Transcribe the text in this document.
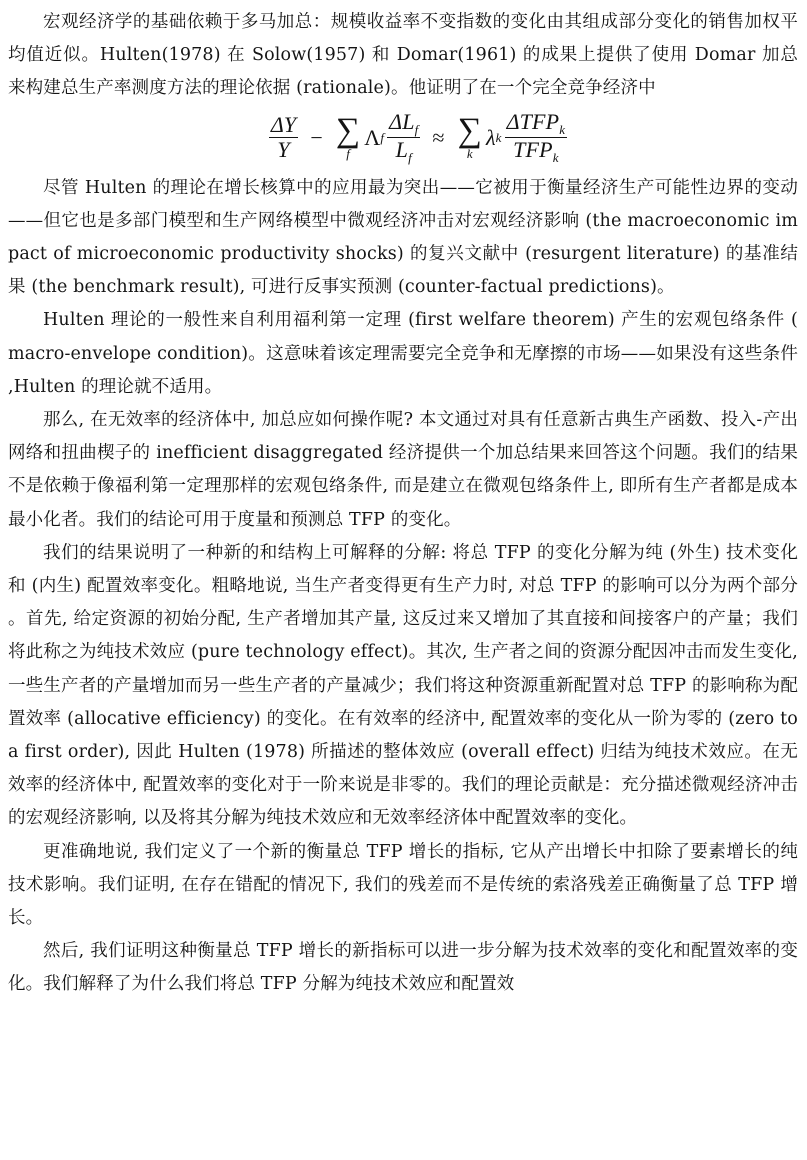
宏观经济学的基础依赖于多马加总：规模收益率不变指数的变化由其组成部分变化的销售加权平均值近似。Hulten(1978) 在 Solow(1957) 和 Domar(1961) 的成果上提供了使用 Domar 加总来构建总生产率测度方法的理论依据 (rationale)。他证明了在一个完全竞争经济中

$\frac{\Delta Y}{Y}$ − ∑
f
Λ f $\frac{\Delta L_f}{L_f}$ ≈ ∑
k
λ k $\frac{\Delta TFP_k}{TFP_k}$

尽管 Hulten 的理论在增长核算中的应用最为突出——它被用于衡量经济生产可能性边界的变动——但它也是多部门模型和生产网络模型中微观经济冲击对宏观经济影响 (the macroeconomic impact of microeconomic productivity shocks) 的复兴文献中 (resurgent literature) 的基准结果 (the benchmark result), 可进行反事实预测 (counter-factual predictions)。

Hulten 理论的一般性来自利用福利第一定理 (first welfare theorem) 产生的宏观包络条件 (macro-envelope condition)。这意味着该定理需要完全竞争和无摩擦的市场——如果没有这些条件,Hulten 的理论就不适用。

那么, 在无效率的经济体中, 加总应如何操作呢? 本文通过对具有任意新古典生产函数、投入-产出网络和扭曲楔子的 inefficient disaggregated 经济提供一个加总结果来回答这个问题。我们的结果不是依赖于像福利第一定理那样的宏观包络条件, 而是建立在微观包络条件上, 即所有生产者都是成本最小化者。我们的结论可用于度量和预测总 TFP 的变化。

我们的结果说明了一种新的和结构上可解释的分解: 将总 TFP 的变化分解为纯 (外生) 技术变化和 (内生) 配置效率变化。粗略地说, 当生产者变得更有生产力时, 对总 TFP 的影响可以分为两个部分。首先, 给定资源的初始分配, 生产者增加其产量, 这反过来又增加了其直接和间接客户的产量；我们将此称之为纯技术效应 (pure technology effect)。其次, 生产者之间的资源分配因冲击而发生变化, 一些生产者的产量增加而另一些生产者的产量减少；我们将这种资源重新配置对总 TFP 的影响称为配置效率 (allocative efficiency) 的变化。在有效率的经济中, 配置效率的变化从一阶为零的 (zero to a first order), 因此 Hulten (1978) 所描述的整体效应 (overall effect) 归结为纯技术效应。在无效率的经济体中, 配置效率的变化对于一阶来说是非零的。我们的理论贡献是：充分描述微观经济冲击的宏观经济影响, 以及将其分解为纯技术效应和无效率经济体中配置效率的变化。

更准确地说, 我们定义了一个新的衡量总 TFP 增长的指标, 它从产出增长中扣除了要素增长的纯技术影响。我们证明, 在存在错配的情况下, 我们的残差而不是传统的索洛残差正确衡量了总 TFP 增长。

然后, 我们证明这种衡量总 TFP 增长的新指标可以进一步分解为技术效率的变化和配置效率的变化。我们解释了为什么我们将总 TFP 分解为纯技术效应和配置效
